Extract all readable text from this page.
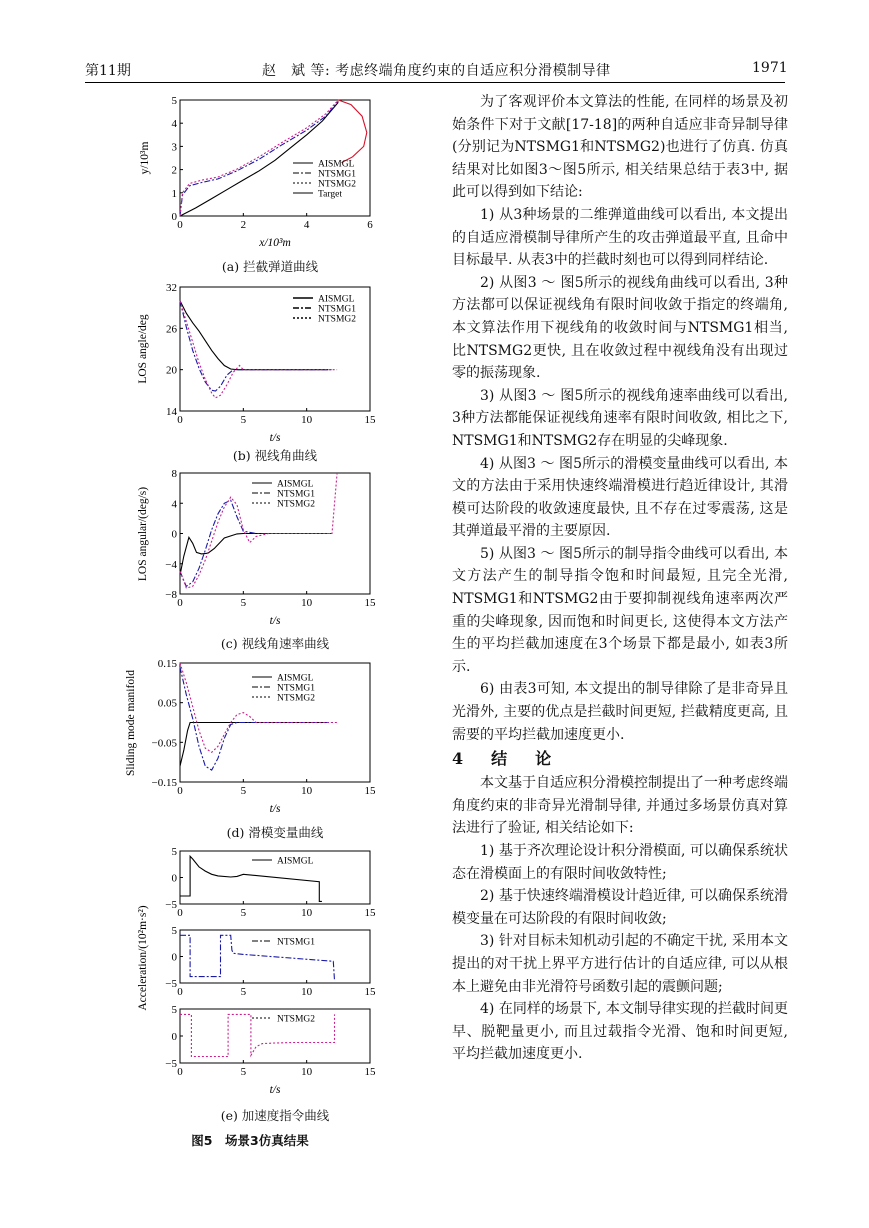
第11期	赵　斌 等: 考虑终端角度约束的自适应积分滑模制导律	1971
0	2	4	6
0
1
2
3
4
5
AISMGL
NTSMG1
NTSMG2
Target
x/10³m
y/10³m
0	5	10	15
14
20
26
32
AISMGL
NTSMG1
NTSMG2
t/s
LOS angle/deg
0	5	10	15
−8
−4
0
4
8
AISMGL
NTSMG1
NTSMG2
t/s
LOS angular/(deg/s)
0	5	10	15
−0.15
−0.05
0.05
0.15
AISMGL
NTSMG1
NTSMG2
t/s
Sliding mode manifold
0	5	10	15
−5
0
5
AISMGL
0	5	10	15
−5
0
5
NTSMG1
0	5	10	15
−5
0
5
NTSMG2
t/s
Acceleration/(10²m·s²)
(a) 拦截弹道曲线
(b) 视线角曲线
(c) 视线角速率曲线
(d) 滑模变量曲线
(e) 加速度指令曲线
图5　场景3仿真结果

为了客观评价本文算法的性能, 在同样的场景及初始条件下对于文献[17-18]的两种自适应非奇异制导律(分别记为NTSMG1和NTSMG2)也进行了仿真. 仿真结果对比如图3～图5所示, 相关结果总结于表3中, 据此可以得到如下结论:

1) 从3种场景的二维弹道曲线可以看出, 本文提出的自适应滑模制导律所产生的攻击弹道最平直, 且命中目标最早. 从表3中的拦截时刻也可以得到同样结论.

2) 从图3 ～ 图5所示的视线角曲线可以看出, 3种方法都可以保证视线角有限时间收敛于指定的终端角, 本文算法作用下视线角的收敛时间与NTSMG1相当, 比NTSMG2更快, 且在收敛过程中视线角没有出现过零的振荡现象.

3) 从图3 ～ 图5所示的视线角速率曲线可以看出, 3种方法都能保证视线角速率有限时间收敛, 相比之下, NTSMG1和NTSMG2存在明显的尖峰现象.

4) 从图3 ～ 图5所示的滑模变量曲线可以看出, 本文的方法由于采用快速终端滑模进行趋近律设计, 其滑模可达阶段的收敛速度最快, 且不存在过零震荡, 这是其弹道最平滑的主要原因.

5) 从图3 ～ 图5所示的制导指令曲线可以看出, 本文方法产生的制导指令饱和时间最短, 且完全光滑, NTSMG1和NTSMG2由于要抑制视线角速率两次严重的尖峰现象, 因而饱和时间更长, 这使得本文方法产生的平均拦截加速度在3个场景下都是最小, 如表3所示.

6) 由表3可知, 本文提出的制导律除了是非奇异且光滑外, 主要的优点是拦截时间更短, 拦截精度更高, 且需要的平均拦截加速度更小.

4　结　论

本文基于自适应积分滑模控制提出了一种考虑终端角度约束的非奇异光滑制导律, 并通过多场景仿真对算法进行了验证, 相关结论如下:

1) 基于齐次理论设计积分滑模面, 可以确保系统状态在滑模面上的有限时间收敛特性;

2) 基于快速终端滑模设计趋近律, 可以确保系统滑模变量在可达阶段的有限时间收敛;

3) 针对目标未知机动引起的不确定干扰, 采用本文提出的对干扰上界平方进行估计的自适应律, 可以从根本上避免由非光滑符号函数引起的震颤问题;

4) 在同样的场景下, 本文制导律实现的拦截时间更早、脱靶量更小, 而且过载指令光滑、饱和时间更短, 平均拦截加速度更小.
